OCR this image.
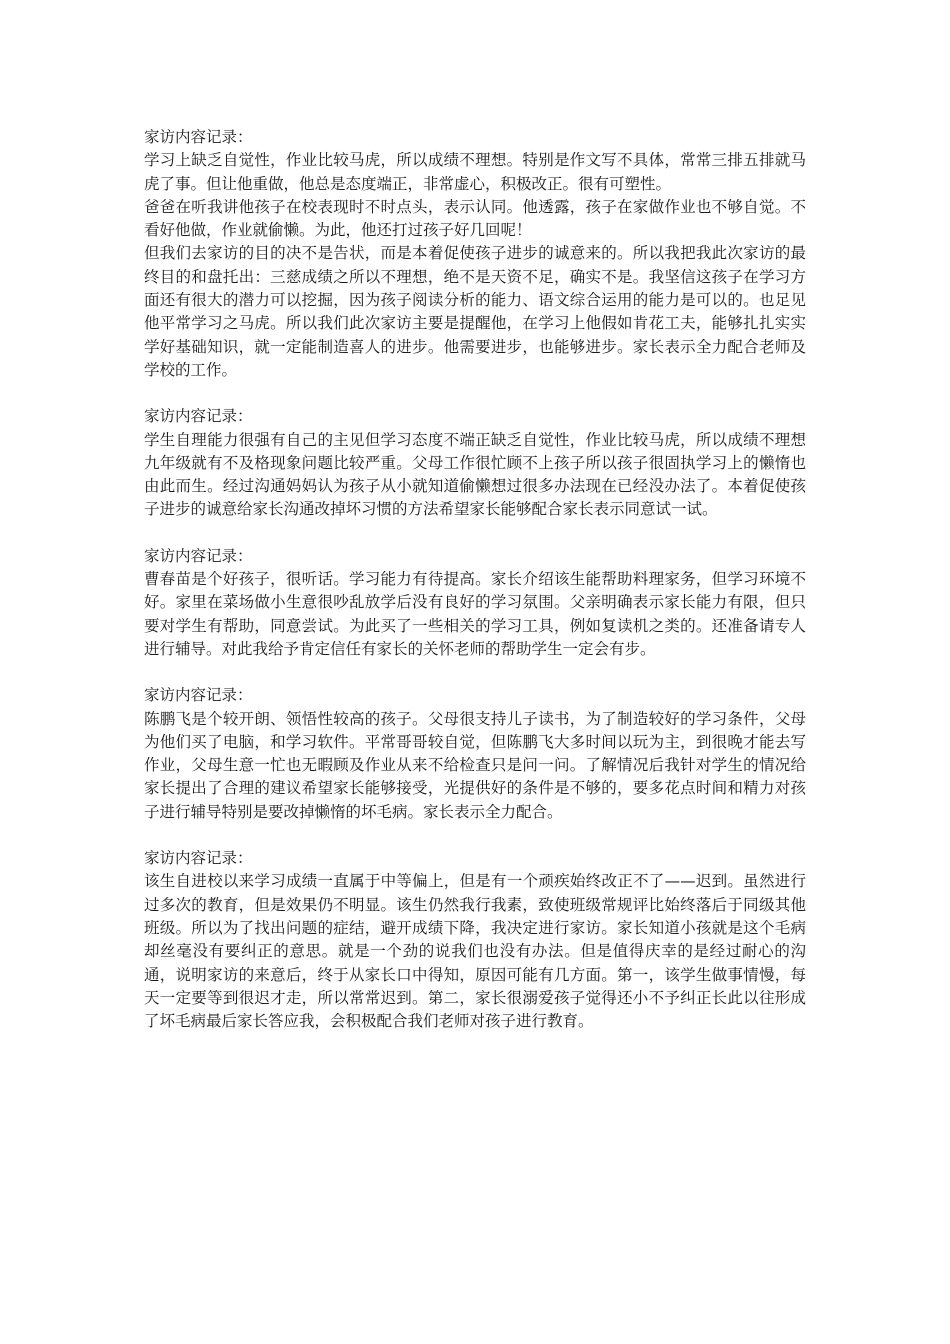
家访内容记录：

学习上缺乏自觉性，作业比较马虎，所以成绩不理想。特别是作文写不具体，常常三排五排就马虎了事。但让他重做，他总是态度端正，非常虚心，积极改正。很有可塑性。

爸爸在听我讲他孩子在校表现时不时点头，表示认同。他透露，孩子在家做作业也不够自觉。不看好他做，作业就偷懒。为此，他还打过孩子好几回呢！

但我们去家访的目的决不是告状，而是本着促使孩子进步的诚意来的。所以我把我此次家访的最终目的和盘托出：三慈成绩之所以不理想，绝不是天资不足，确实不是。我坚信这孩子在学习方面还有很大的潜力可以挖掘，因为孩子阅读分析的能力、语文综合运用的能力是可以的。也足见他平常学习之马虎。所以我们此次家访主要是提醒他，在学习上他假如肯花工夫，能够扎扎实实学好基础知识，就一定能制造喜人的进步。他需要进步，也能够进步。家长表示全力配合老师及学校的工作。

家访内容记录：

学生自理能力很强有自己的主见但学习态度不端正缺乏自觉性，作业比较马虎，所以成绩不理想九年级就有不及格现象问题比较严重。父母工作很忙顾不上孩子所以孩子很固执学习上的懒惰也由此而生。经过沟通妈妈认为孩子从小就知道偷懒想过很多办法现在已经没办法了。本着促使孩子进步的诚意给家长沟通改掉坏习惯的方法希望家长能够配合家长表示同意试一试。

家访内容记录：

曹春苗是个好孩子，很听话。学习能力有待提高。家长介绍该生能帮助料理家务，但学习环境不好。家里在菜场做小生意很吵乱放学后没有良好的学习氛围。父亲明确表示家长能力有限，但只要对学生有帮助，同意尝试。为此买了一些相关的学习工具，例如复读机之类的。还准备请专人进行辅导。对此我给予肯定信任有家长的关怀老师的帮助学生一定会有步。

家访内容记录：

陈鹏飞是个较开朗、领悟性较高的孩子。父母很支持儿子读书，为了制造较好的学习条件，父母为他们买了电脑，和学习软件。平常哥哥较自觉，但陈鹏飞大多时间以玩为主，到很晚才能去写作业，父母生意一忙也无暇顾及作业从来不给检查只是问一问。了解情况后我针对学生的情况给家长提出了合理的建议希望家长能够接受，光提供好的条件是不够的，要多花点时间和精力对孩子进行辅导特别是要改掉懒惰的坏毛病。家长表示全力配合。

家访内容记录：

该生自进校以来学习成绩一直属于中等偏上，但是有一个顽疾始终改正不了——迟到。虽然进行过多次的教育，但是效果仍不明显。该生仍然我行我素，致使班级常规评比始终落后于同级其他班级。所以为了找出问题的症结，避开成绩下降，我决定进行家访。家长知道小孩就是这个毛病却丝毫没有要纠正的意思。就是一个劲的说我们也没有办法。但是值得庆幸的是经过耐心的沟通，说明家访的来意后，终于从家长口中得知，原因可能有几方面。第一，该学生做事情慢，每天一定要等到很迟才走，所以常常迟到。第二，家长很溺爱孩子觉得还小不予纠正长此以往形成了坏毛病最后家长答应我，会积极配合我们老师对孩子进行教育。
